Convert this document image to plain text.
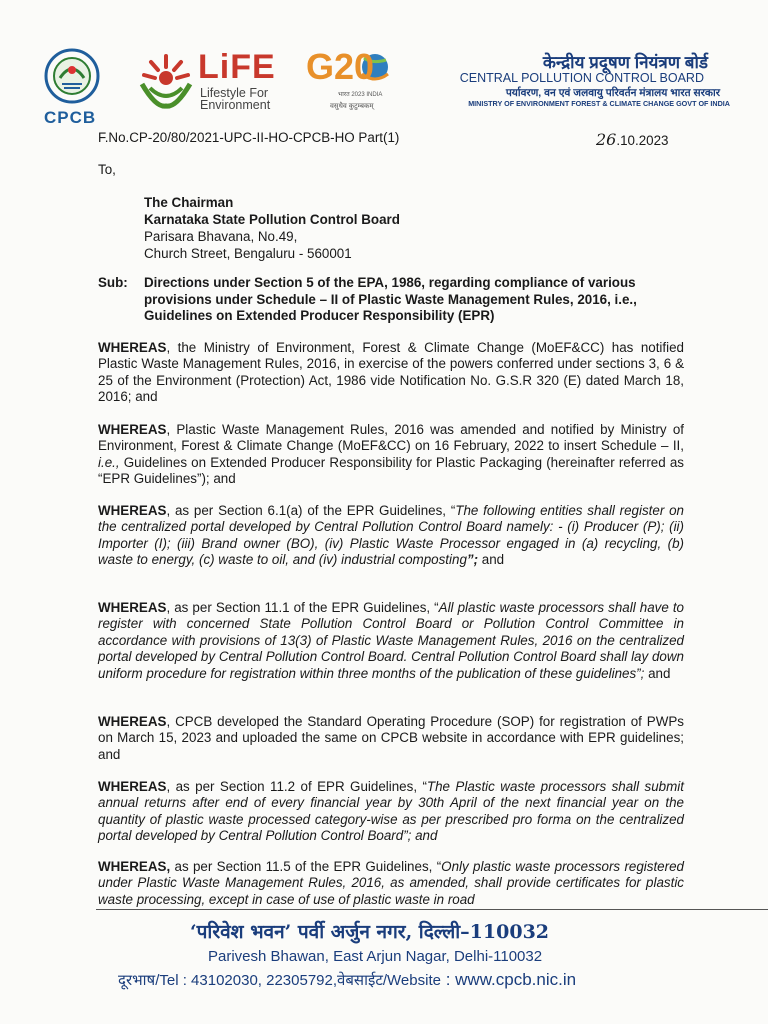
CPCB
LiFE
Lifestyle For
Environment
G20
भारत 2023 INDIA
वसुधैव कुटुम्बकम्
केन्द्रीय प्रदूषण नियंत्रण बोर्ड
CENTRAL POLLUTION CONTROL BOARD
पर्यावरण, वन एवं जलवायु परिवर्तन मंत्रालय भारत सरकार
MINISTRY OF ENVIRONMENT FOREST & CLIMATE CHANGE GOVT OF INDIA
F.No.CP-20/80/2021-UPC-II-HO-CPCB-HO Part(1)	26.10.2023
To,
The Chairman
Karnataka State Pollution Control Board
Parisara Bhavana, No.49,
Church Street, Bengaluru - 560001
Sub: Directions under Section 5 of the EPA, 1986, regarding compliance of various provisions under Schedule – II of Plastic Waste Management Rules, 2016, i.e., Guidelines on Extended Producer Responsibility (EPR)
WHEREAS, the Ministry of Environment, Forest & Climate Change (MoEF&CC) has notified Plastic Waste Management Rules, 2016, in exercise of the powers conferred under sections 3, 6 & 25 of the Environment (Protection) Act, 1986 vide Notification No. G.S.R 320 (E) dated March 18, 2016; and
WHEREAS, Plastic Waste Management Rules, 2016 was amended and notified by Ministry of Environment, Forest & Climate Change (MoEF&CC) on 16 February, 2022 to insert Schedule – II, i.e., Guidelines on Extended Producer Responsibility for Plastic Packaging (hereinafter referred as “EPR Guidelines”); and
WHEREAS, as per Section 6.1(a) of the EPR Guidelines, “The following entities shall register on the centralized portal developed by Central Pollution Control Board namely: - (i) Producer (P); (ii) Importer (I); (iii) Brand owner (BO), (iv) Plastic Waste Processor engaged in (a) recycling, (b) waste to energy, (c) waste to oil, and (iv) industrial composting”; and
WHEREAS, as per Section 11.1 of the EPR Guidelines, “All plastic waste processors shall have to register with concerned State Pollution Control Board or Pollution Control Committee in accordance with provisions of 13(3) of Plastic Waste Management Rules, 2016 on the centralized portal developed by Central Pollution Control Board. Central Pollution Control Board shall lay down uniform procedure for registration within three months of the publication of these guidelines”; and
WHEREAS, CPCB developed the Standard Operating Procedure (SOP) for registration of PWPs on March 15, 2023 and uploaded the same on CPCB website in accordance with EPR guidelines; and
WHEREAS, as per Section 11.2 of EPR Guidelines, “The Plastic waste processors shall submit annual returns after end of every financial year by 30th April of the next financial year on the quantity of plastic waste processed category-wise as per prescribed pro forma on the centralized portal developed by Central Pollution Control Board”; and
WHEREAS, as per Section 11.5 of the EPR Guidelines, “Only plastic waste processors registered under Plastic Waste Management Rules, 2016, as amended, shall provide certificates for plastic waste processing, except in case of use of plastic waste in road
‘परिवेश भवन’ पर्वी अर्जुन नगर, दिल्ली–110032
Parivesh Bhawan, East Arjun Nagar, Delhi-110032
दूरभाष/Tel : 43102030, 22305792,वेबसाईट/Website : www.cpcb.nic.in
